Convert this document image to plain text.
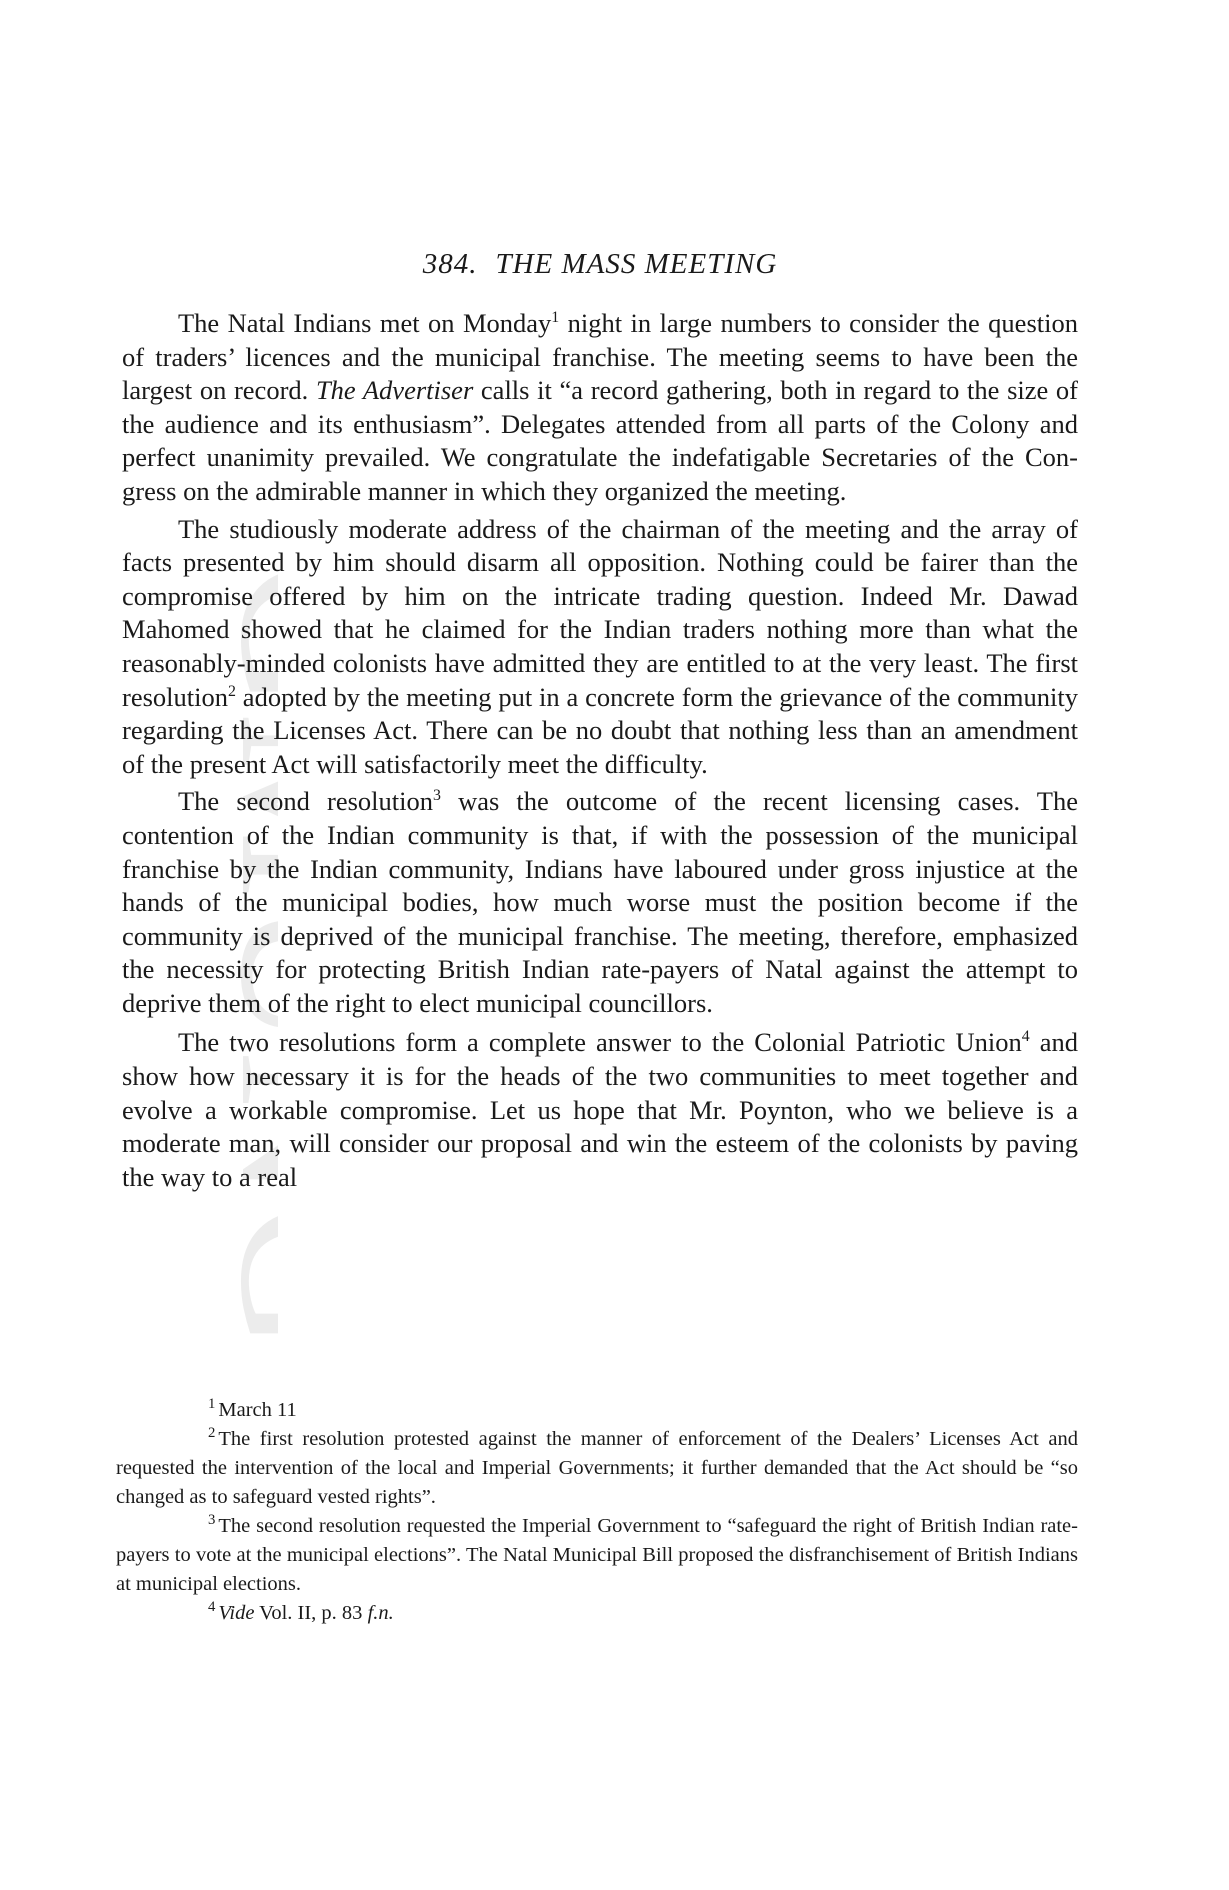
GMUNG
384. THE MASS MEETING

The Natal Indians met on Monday$^1$ night in large numbers to consider the question of traders’ licences and the municipal franchise. The meeting seems to have been the largest on record. The Advertiser calls it “a record gathering, both in regard to the size of the audience and its enthusiasm”. Delegates attended from all parts of the Colony and perfect unanimity prevailed. We congratulate the indefatigable Secretaries of the Congress on the admirable manner in which they organized the meeting.

The studiously moderate address of the chairman of the meeting and the array of facts presented by him should disarm all opposition. Nothing could be fairer than the compromise offered by him on the intricate trading question. Indeed Mr. Dawad Mahomed showed that he claimed for the Indian traders nothing more than what the reasonably-minded colonists have admitted they are entitled to at the very least. The first resolution$^2$ adopted by the meeting put in a concrete form the grievance of the community regarding the Licenses Act. There can be no doubt that nothing less than an amendment of the present Act will satisfactorily meet the difficulty.

The second resolution$^3$ was the outcome of the recent licensing cases. The contention of the Indian community is that, if with the possession of the municipal franchise by the Indian community, Indians have laboured under gross injustice at the hands of the municipal bodies, how much worse must the position become if the community is deprived of the municipal franchise. The meeting, therefore, emphasized the necessity for protecting British Indian rate-payers of Natal against the attempt to deprive them of the right to elect municipal councillors.

The two resolutions form a complete answer to the Colonial Patriotic Union$^4$ and show how necessary it is for the heads of the two communities to meet together and evolve a workable compromise. Let us hope that Mr. Poynton, who we believe is a moderate man, will consider our proposal and win the esteem of the colonists by paving the way to a real

$^1$ March 11

$^2$ The first resolution protested against the manner of enforcement of the Dealers’ Licenses Act and requested the intervention of the local and Imperial Governments; it further demanded that the Act should be “so changed as to safeguard vested rights”.

$^3$ The second resolution requested the Imperial Government to “safeguard the right of British Indian rate-payers to vote at the municipal elections”. The Natal Municipal Bill proposed the disfranchisement of British Indians at municipal elections.

$^4$ Vide Vol. II, p. 83 f.n.
